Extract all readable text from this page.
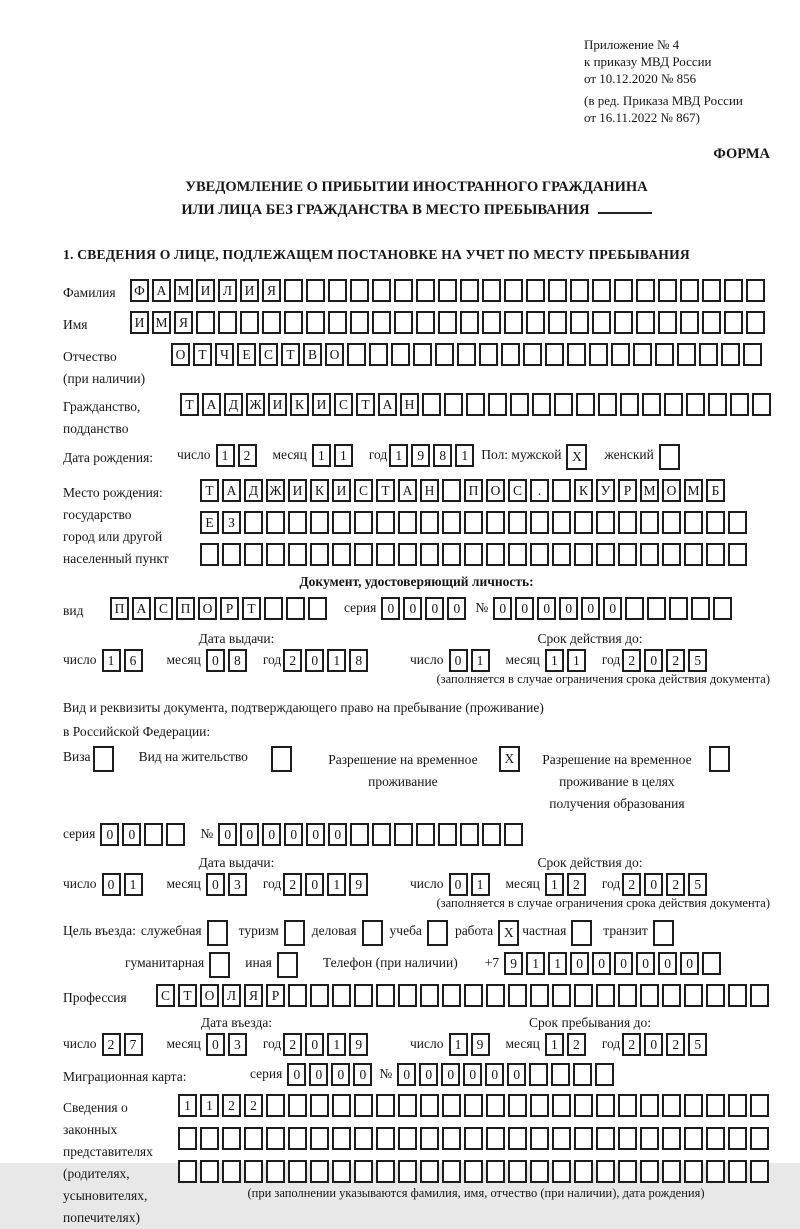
Приложение № 4
к приказу МВД России
от 10.12.2020 № 856
(в ред. Приказа МВД России
от 16.11.2022 № 867)
ФОРМА
УВЕДОМЛЕНИЕ О ПРИБЫТИИ ИНОСТРАННОГО ГРАЖДАНИНА
ИЛИ ЛИЦА БЕЗ ГРАЖДАНСТВА В МЕСТО ПРЕБЫВАНИЯ
1. СВЕДЕНИЯ О ЛИЦЕ, ПОДЛЕЖАЩЕМ ПОСТАНОВКЕ НА УЧЕТ ПО МЕСТУ ПРЕБЫВАНИЯ
Фамилия	Ф А М И Л И Я

Имя	И М Я

Отчество
(при наличии)
О Т Ч Е С Т В О

Гражданство,
подданство
Т А Д Ж И К И С Т А Н

Дата рождения:	число 1	2	месяц 1	1	год 1	9	8	1 Пол: мужской X	женский

Место рождения:
государство
город или другой
населенный пункт
Т А Д Ж И К И С Т А Н
	П О С	.
	К У Р М О М Б
Е	З

Документ, удостоверяющий личность:
вид	П А С П О Р	Т

	серия 0	0	0	0	№ 0	0	0	0	0	0

Дата выдачи:	Срок действия до:
число 1	6	месяц 0	8	год 2	0	1	8	число 0	1	месяц 1	1	год 2	0	2	5
(заполняется в случае ограничения срока действия документа)
Вид и реквизиты документа, подтверждающего право на пребывание (проживание)
в Российской Федерации:
Виза
	Вид на жительство
	Разрешение на временное
проживание
X	Разрешение на временное
проживание в целях
получения образования

серия 0	0

	№ 0	0	0	0	0	0

Дата выдачи:	Срок действия до:
число 0	1	месяц 0	3	год 2	0	1	9	число 0	1	месяц 1	2	год 2	0	2	5
(заполняется в случае ограничения срока действия документа)
Цель въезда: служебная
	туризм
деловая
учеба
работа X частная
	транзит

гуманитарная
	иная
	Телефон (при наличии) +7 9	1	1	0	0	0	0	0	0

Профессия	С Т О Л Я	Р

Дата въезда:	Срок пребывания до:
число 2	7	месяц 0	3	год 2	0	1	9	число 1	9	месяц 1	2	год 2	0	2	5
Миграционная карта:	серия 0	0	0	0 № 0	0	0	0	0	0

Сведения о
законных
представителях
(родителях,
усыновителях,
попечителях)
1	1	2	2

(при заполнении указываются фамилия, имя, отчество (при наличии), дата рождения)
